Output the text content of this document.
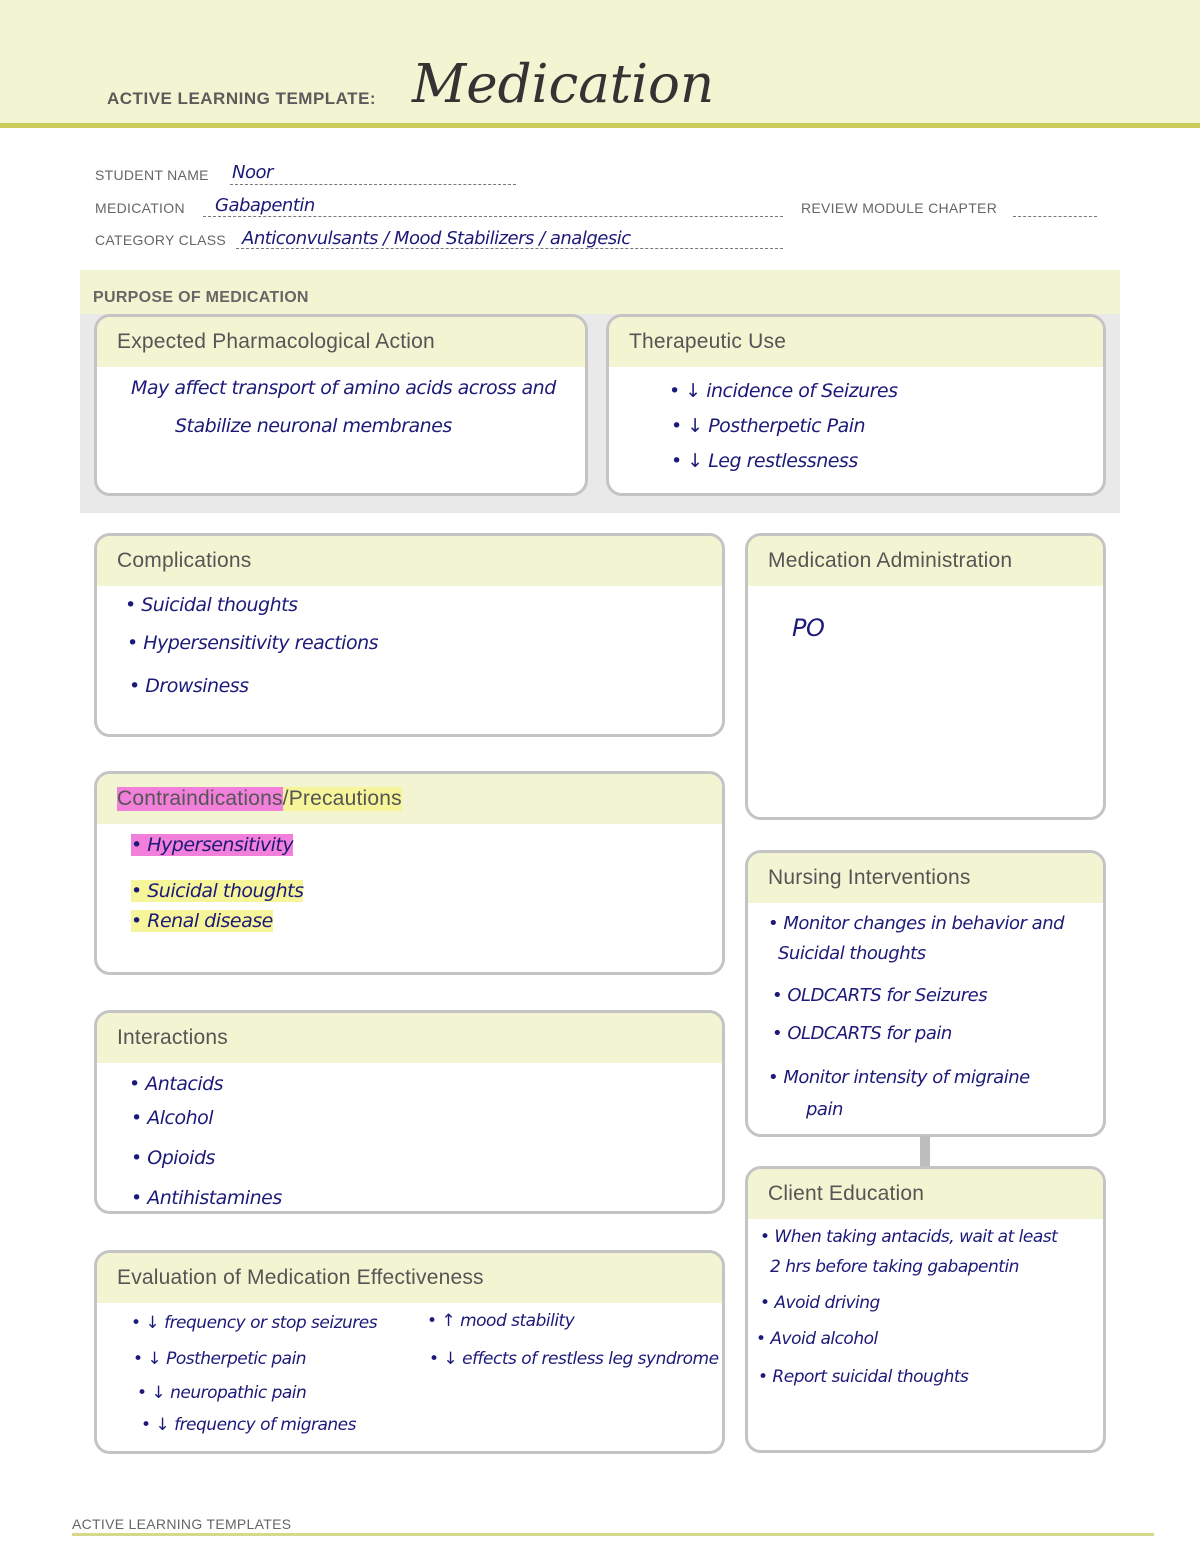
ACTIVE LEARNING TEMPLATE: Medication
STUDENT NAME Noor
MEDICATION Gabapentin	REVIEW MODULE CHAPTER
CATEGORY CLASS Anticonvulsants / Mood Stabilizers / analgesic
PURPOSE OF MEDICATION
Expected Pharmacological Action
May affect transport of amino acids across and
Stabilize neuronal membranes
Therapeutic Use
• ↓ incidence of Seizures
• ↓ Postherpetic Pain
• ↓ Leg restlessness
Complications
• Suicidal thoughts
• Hypersensitivity reactions
• Drowsiness
Medication Administration
PO
Contraindications /Precautions
• Hypersensitivity
• Suicidal thoughts
• Renal disease
Nursing Interventions
• Monitor changes in behavior and
Suicidal thoughts
• OLDCARTS for Seizures
• OLDCARTS for pain
• Monitor intensity of migraine
pain
Interactions
• Antacids
• Alcohol
• Opioids
• Antihistamines	Client Education
• When taking antacids, wait at least
2 hrs before taking gabapentin
• Avoid driving
• Avoid alcohol
• Report suicidal thoughts
Evaluation of Medication Effectiveness
• ↓ frequency or stop seizures
• ↓ Postherpetic pain
• ↓ neuropathic pain
• ↓ frequency of migranes
• ↑ mood stability
• ↓ effects of restless leg syndrome
ACTIVE LEARNING TEMPLATES
